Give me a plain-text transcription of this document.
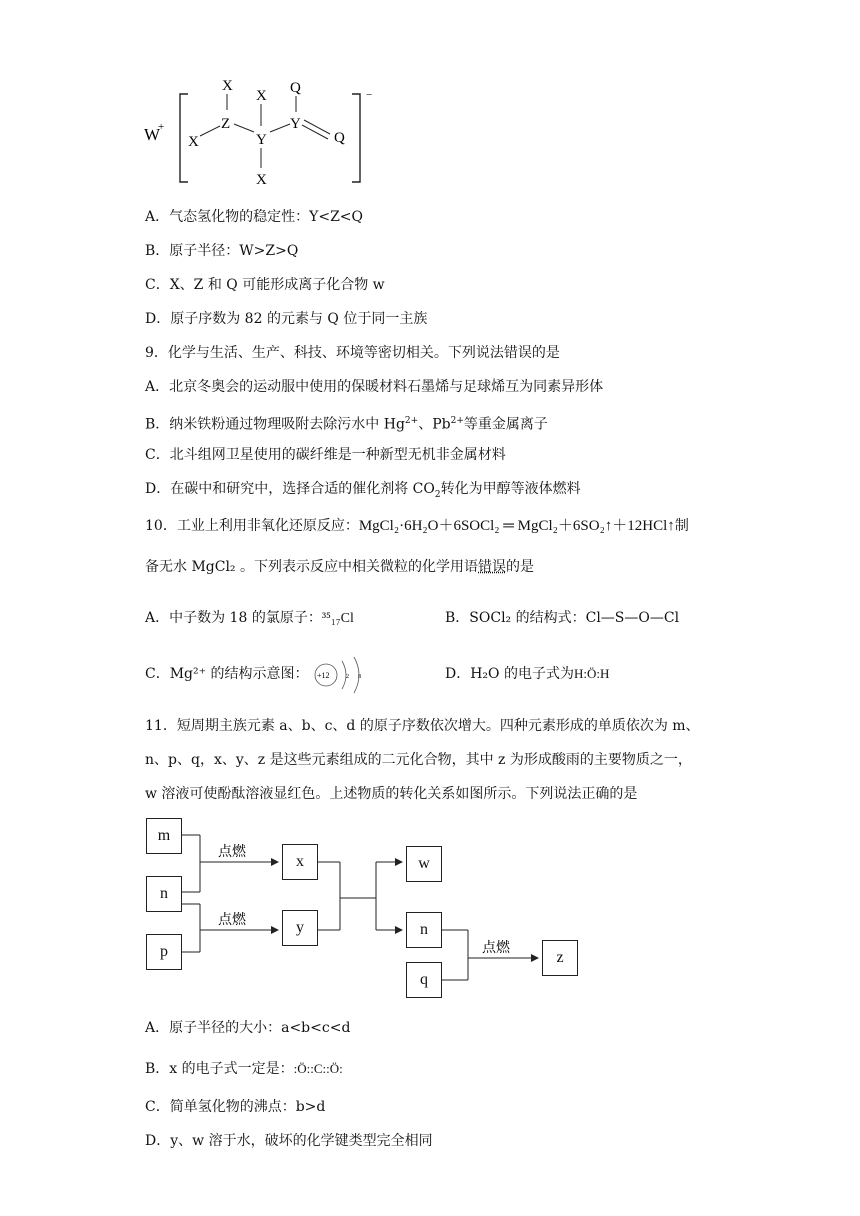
W
+
−
X
Z
X
X
Y
X
Q
Y
Q
A．气态氢化物的稳定性：Y<Z<Q
B．原子半径：W>Z>Q
C．X、Z 和 Q 可能形成离子化合物 w
D．原子序数为 82 的元素与 Q 位于同一主族
9．化学与生活、生产、科技、环境等密切相关。下列说法错误的是
A．北京冬奥会的运动服中使用的保暖材料石墨烯与足球烯互为同素异形体
B．纳米铁粉通过物理吸附去除污水中 $Hg^{2+}$、$Pb^{2+}$等重金属离子
C．北斗组网卫星使用的碳纤维是一种新型无机非金属材料
D．在碳中和研究中，选择合适的催化剂将 $CO_2$转化为甲醇等液体燃料
10．工业上利用非氧化还原反应：MgCl₂·6H₂O＋6SOCl₂ ═ MgCl₂＋6SO₂↑＋12HCl↑制
备无水 MgCl₂ 。下列表示反应中相关微粒的化学用语错误的是
A．中子数为 18 的氯原子：³⁵₁₇Cl	B．SOCl₂ 的结构式：Cl—S—O—Cl
C．Mg²⁺ 的结构示意图： +12	2 8	D．H₂O 的电子式为H:Ö:H
11．短周期主族元素 a、b、c、d 的原子序数依次增大。四种元素形成的单质依次为 m、
n、p、q，x、y、z 是这些元素组成的二元化合物，其中 z 为形成酸雨的主要物质之一，
w 溶液可使酚酞溶液显红色。上述物质的转化关系如图所示。下列说法正确的是
点燃
点燃
点燃
m
n
p
x
y
w
n
q
z
A．原子半径的大小：a<b<c<d
B．x 的电子式一定是：:Ö::C::Ö:
C．简单氢化物的沸点：b>d
D．y、w 溶于水，破坏的化学键类型完全相同
